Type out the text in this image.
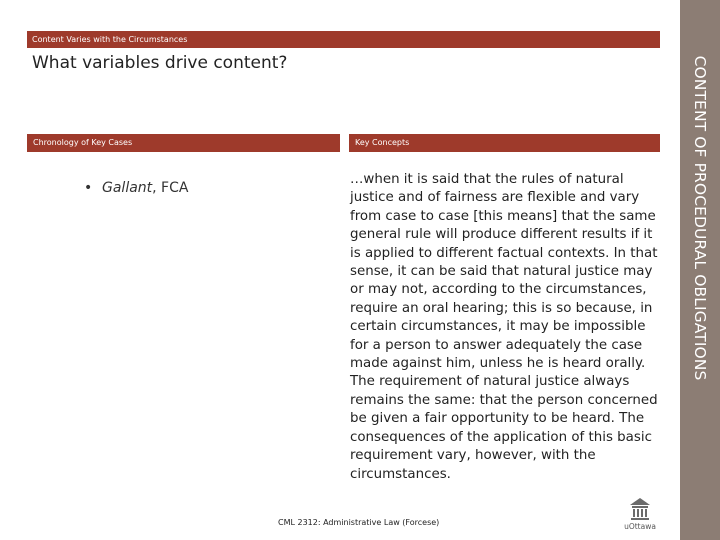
Content Varies with the Circumstances
What variables drive content?
Chronology of Key Cases	Key Concepts
• Gallant, FCA

…when it is said that the rules of natural justice and of fairness are flexible and vary from case to case [this means] that the same general rule will produce different results if it is applied to different factual contexts. In that sense, it can be said that natural justice may or may not, according to the circumstances, require an oral hearing; this is so because, in certain circumstances, it may be impossible for a person to answer adequately the case made against him, unless he is heard orally. The requirement of natural justice always remains the same: that the person concerned be given a fair opportunity to be heard. The consequences of the application of this basic requirement vary, however, with the circumstances.

CML 2312: Administrative Law (Forcese)	uOttawa
CONTENT OF PROCEDURAL OBLIGATIONS
